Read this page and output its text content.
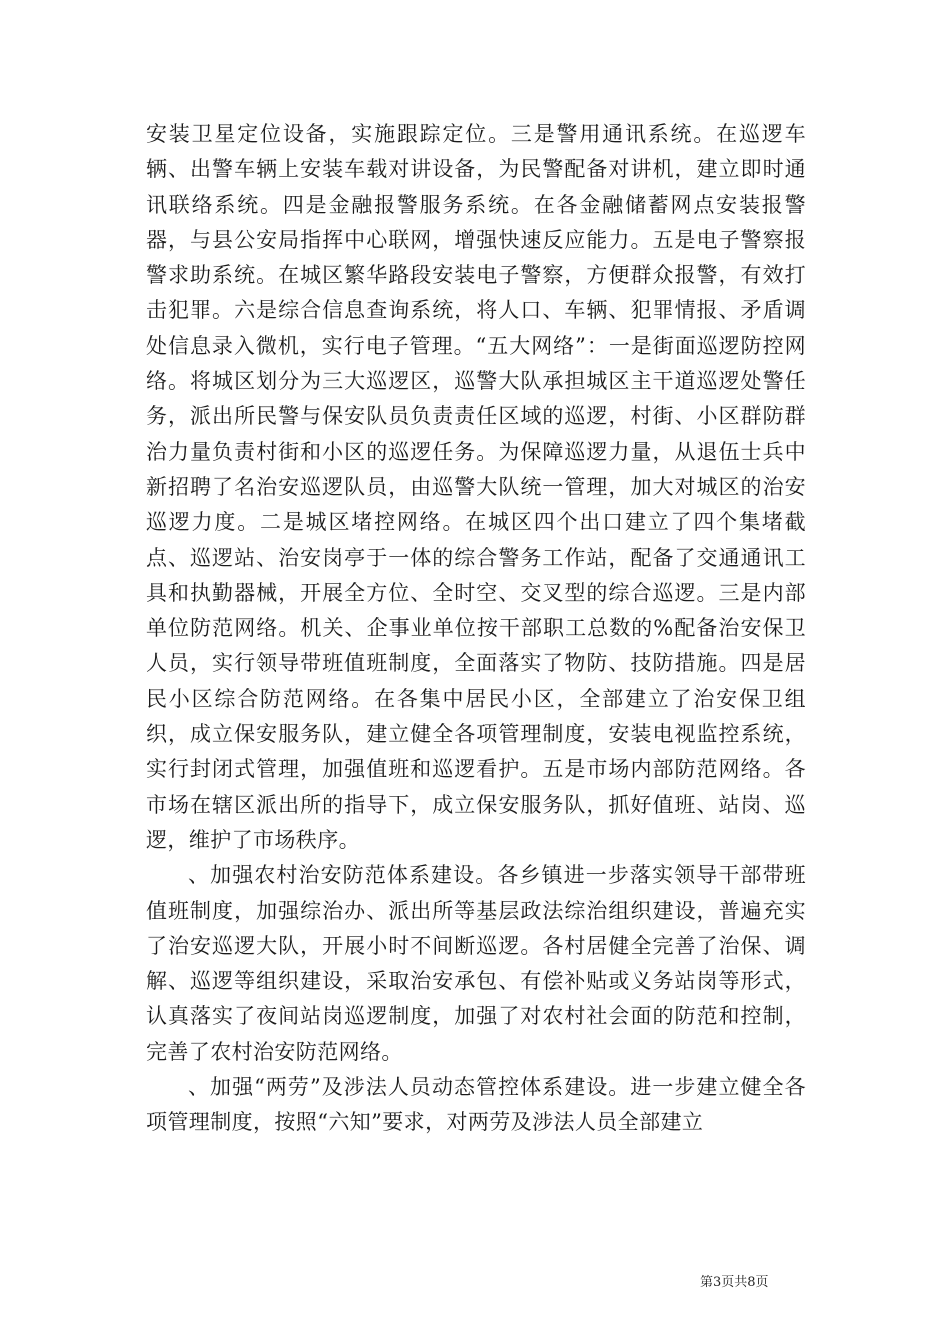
安装卫星定位设备，实施跟踪定位。三是警用通讯系统。在巡逻车辆、出警车辆上安装车载对讲设备，为民警配备对讲机，建立即时通讯联络系统。四是金融报警服务系统。在各金融储蓄网点安装报警器，与县公安局指挥中心联网，增强快速反应能力。五是电子警察报警求助系统。在城区繁华路段安装电子警察，方便群众报警，有效打击犯罪。六是综合信息查询系统，将人口、车辆、犯罪情报、矛盾调处信息录入微机，实行电子管理。“五大网络”：一是街面巡逻防控网络。将城区划分为三大巡逻区，巡警大队承担城区主干道巡逻处警任务，派出所民警与保安队员负责责任区域的巡逻，村街、小区群防群治力量负责村街和小区的巡逻任务。为保障巡逻力量，从退伍士兵中新招聘了名治安巡逻队员，由巡警大队统一管理，加大对城区的治安巡逻力度。二是城区堵控网络。在城区四个出口建立了四个集堵截点、巡逻站、治安岗亭于一体的综合警务工作站，配备了交通通讯工具和执勤器械，开展全方位、全时空、交叉型的综合巡逻。三是内部单位防范网络。机关、企事业单位按干部职工总数的%配备治安保卫人员，实行领导带班值班制度，全面落实了物防、技防措施。四是居民小区综合防范网络。在各集中居民小区，全部建立了治安保卫组织，成立保安服务队，建立健全各项管理制度，安装电视监控系统，实行封闭式管理，加强值班和巡逻看护。五是市场内部防范网络。各市场在辖区派出所的指导下，成立保安服务队，抓好值班、站岗、巡逻，维护了市场秩序。

、加强农村治安防范体系建设。各乡镇进一步落实领导干部带班值班制度，加强综治办、派出所等基层政法综治组织建设，普遍充实了治安巡逻大队，开展小时不间断巡逻。各村居健全完善了治保、调解、巡逻等组织建设，采取治安承包、有偿补贴或义务站岗等形式，认真落实了夜间站岗巡逻制度，加强了对农村社会面的防范和控制，完善了农村治安防范网络。

、加强“两劳”及涉法人员动态管控体系建设。进一步建立健全各项管理制度，按照“六知”要求，对两劳及涉法人员全部建立

第3页共8页
